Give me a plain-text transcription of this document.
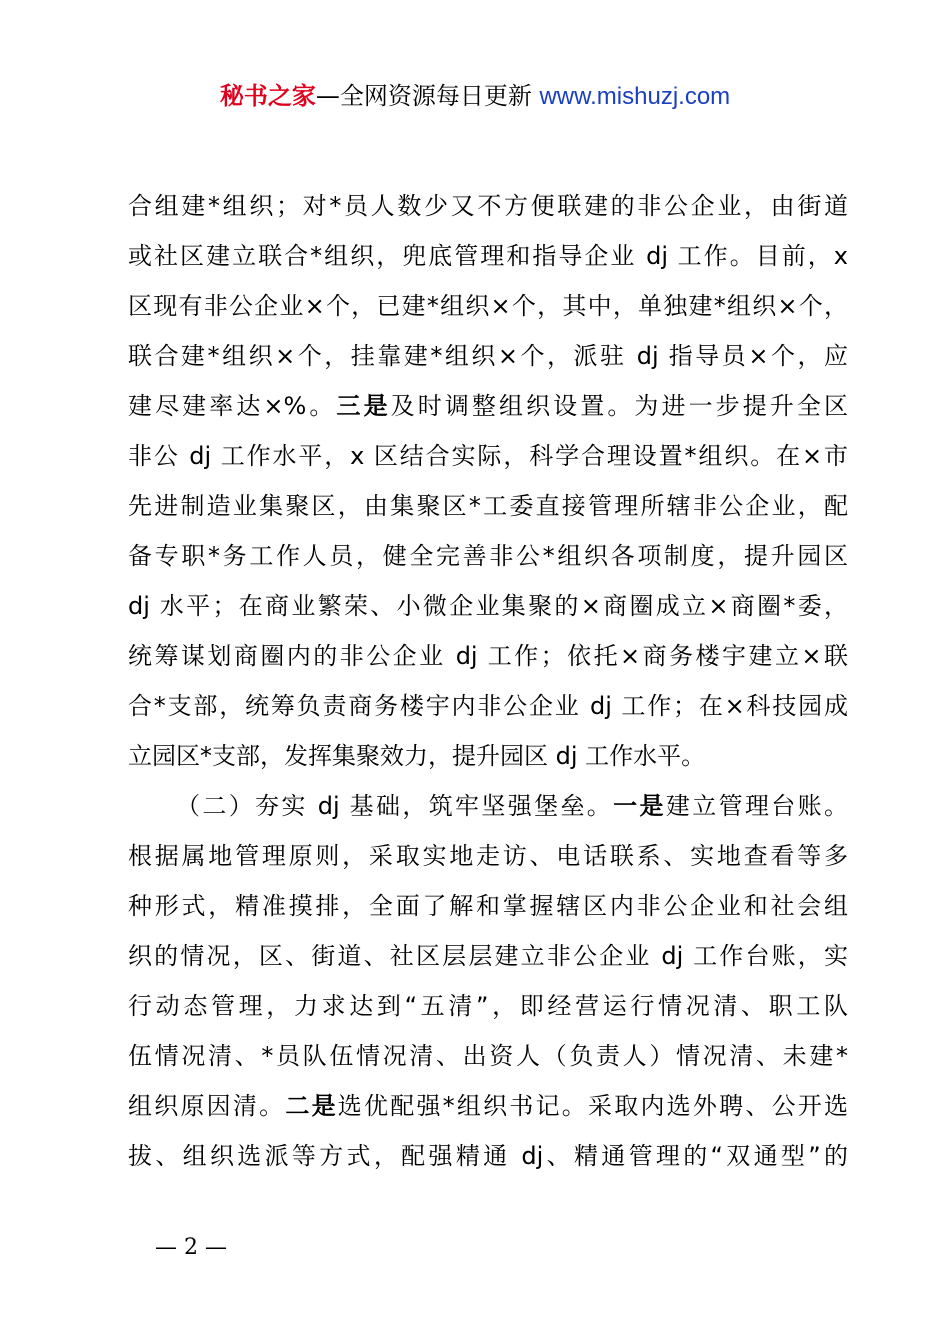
秘书之家—全网资源每日更新 www.mishuzj.com
合组建*组织；对*员人数少又不方便联建的非公企业，由街道
或社区建立联合*组织，兜底管理和指导企业 dj 工作。目前，x
区现有非公企业×个，已建*组织×个，其中，单独建*组织×个，
联合建*组织×个，挂靠建*组织×个，派驻 dj 指导员×个，应
建尽建率达×%。三是及时调整组织设置。为进一步提升全区
非公 dj 工作水平，x 区结合实际，科学合理设置*组织。在×市
先进制造业集聚区，由集聚区*工委直接管理所辖非公企业，配
备专职*务工作人员，健全完善非公*组织各项制度，提升园区
dj 水平；在商业繁荣、小微企业集聚的×商圈成立×商圈*委，
统筹谋划商圈内的非公企业 dj 工作；依托×商务楼宇建立×联
合*支部，统筹负责商务楼宇内非公企业 dj 工作；在×科技园成
立园区*支部，发挥集聚效力，提升园区 dj 工作水平。
（二）夯实 dj 基础，筑牢坚强堡垒。一是建立管理台账。
根据属地管理原则，采取实地走访、电话联系、实地查看等多
种形式，精准摸排，全面了解和掌握辖区内非公企业和社会组
织的情况，区、街道、社区层层建立非公企业 dj 工作台账，实
行动态管理，力求达到“五清”，即经营运行情况清、职工队
伍情况清、*员队伍情况清、出资人（负责人）情况清、未建*
组织原因清。二是选优配强*组织书记。采取内选外聘、公开选
拔、组织选派等方式，配强精通 dj、精通管理的“双通型”的
— 2 —
